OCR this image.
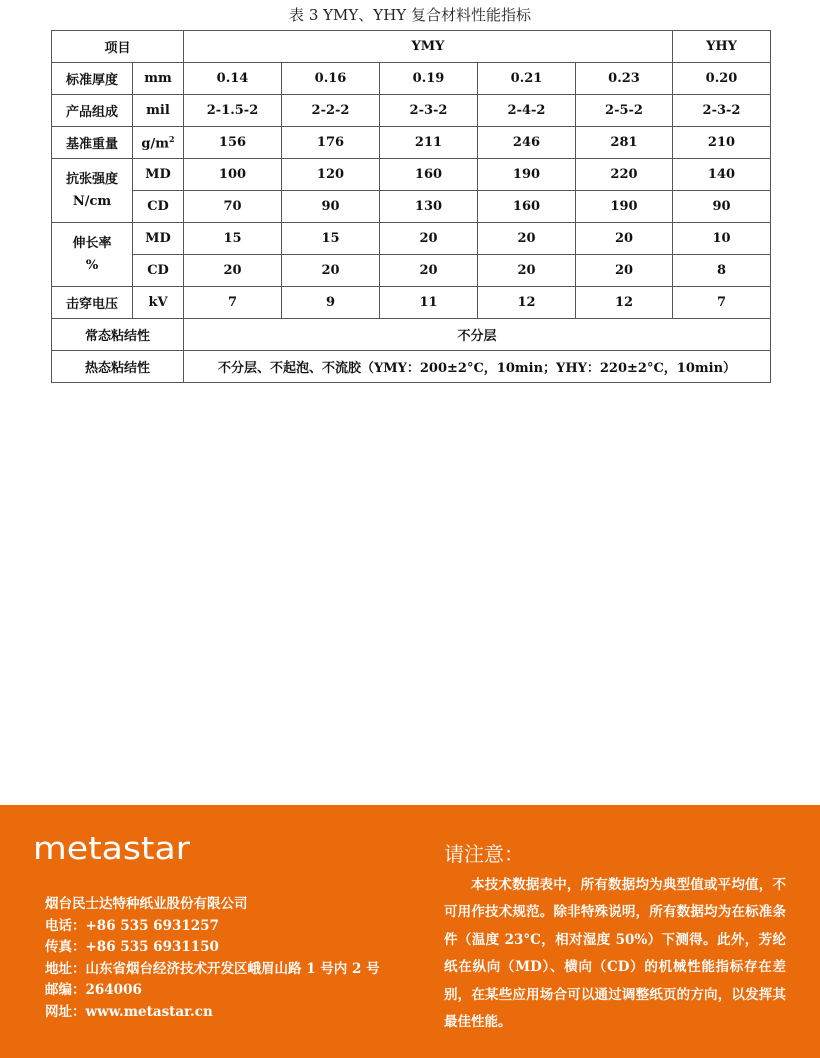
表 3 YMY、YHY 复合材料性能指标
项目		YMY					YHY
标准厚度	mm	0.14	0.16	0.19	0.21	0.23	0.20
产品组成	mil	2-1.5-2	2-2-2	2-3-2	2-4-2	2-5-2	2-3-2
基准重量	$g/m^2$	156	176	211	246	281	210

抗张强度
N/cm	MD	100	120	160	190	220	140
	CD	70	90	130	160	190	90

伸长率
%	MD	15	15	20	20	20	10
	CD	20	20	20	20	20	8
击穿电压	kV	7	9	11	12	12	7
常态粘结性		不分层					
热态粘结性		不分层、不起泡、不流胶（YMY：200±2°C，10min；YHY：220±2°C，10min）					
metastar
烟台民士达特种纸业股份有限公司
电话：+86 535 6931257
传真：+86 535 6931150
地址：山东省烟台经济技术开发区峨眉山路 1 号内 2 号
邮编：264006
网址：www.metastar.cn
请注意：
本技术数据表中，所有数据均为典型值或平均值，不可用作技术规范。除非特殊说明，所有数据均为在标准条件（温度 23°C，相对湿度 50%）下测得。此外，芳纶纸在纵向（MD）、横向（CD）的机械性能指标存在差别，在某些应用场合可以通过调整纸页的方向，以发挥其最佳性能。
